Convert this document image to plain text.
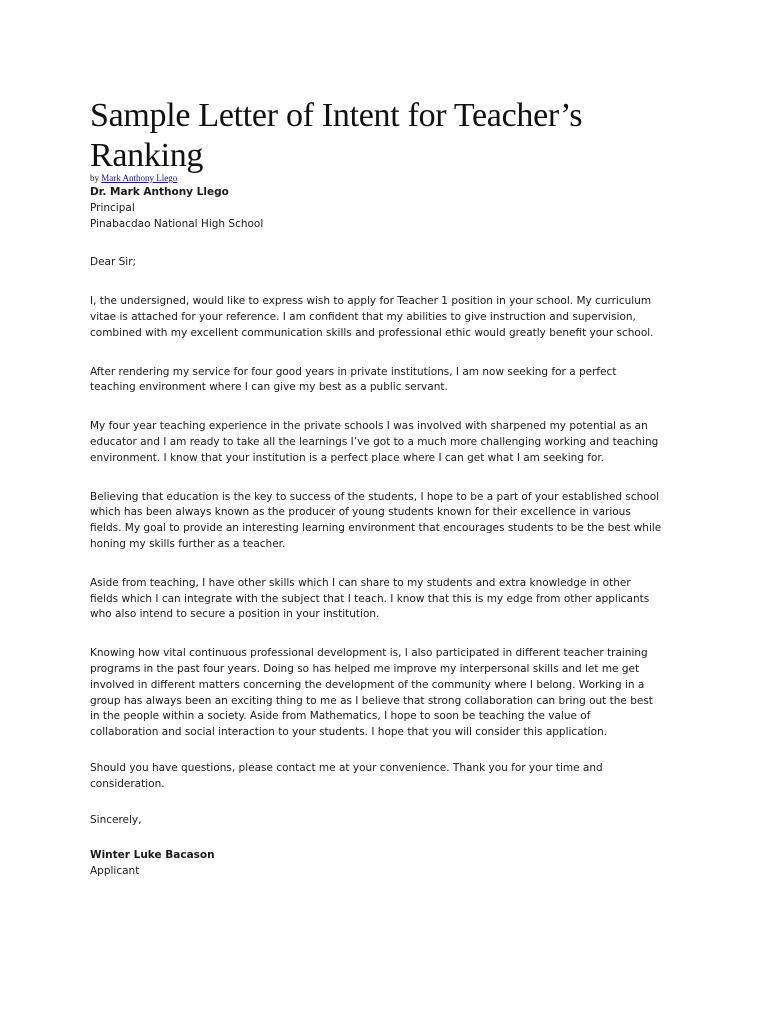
Sample Letter of Intent for Teacher’s Ranking
by Mark Anthony Llego

Dr. Mark Anthony Llego

Principal

Pinabacdao National High School

Dear Sir;

I, the undersigned, would like to express wish to apply for Teacher 1 position in your school. My curriculum vitae is attached for your reference. I am confident that my abilities to give instruction and supervision, combined with my excellent communication skills and professional ethic would greatly benefit your school.

After rendering my service for four good years in private institutions, I am now seeking for a perfect teaching environment where I can give my best as a public servant.

My four year teaching experience in the private schools I was involved with sharpened my potential as an educator and I am ready to take all the learnings I’ve got to a much more challenging working and teaching environment. I know that your institution is a perfect place where I can get what I am seeking for.

Believing that education is the key to success of the students, I hope to be a part of your established school which has been always known as the producer of young students known for their excellence in various fields. My goal to provide an interesting learning environment that encourages students to be the best while honing my skills further as a teacher.

Aside from teaching, I have other skills which I can share to my students and extra knowledge in other fields which I can integrate with the subject that I teach. I know that this is my edge from other applicants who also intend to secure a position in your institution.

Knowing how vital continuous professional development is, I also participated in different teacher training programs in the past four years. Doing so has helped me improve my interpersonal skills and let me get involved in different matters concerning the development of the community where I belong. Working in a group has always been an exciting thing to me as I believe that strong collaboration can bring out the best in the people within a society. Aside from Mathematics, I hope to soon be teaching the value of collaboration and social interaction to your students. I hope that you will consider this application.

Should you have questions, please contact me at your convenience. Thank you for your time and consideration.

Sincerely,

Winter Luke Bacason

Applicant
